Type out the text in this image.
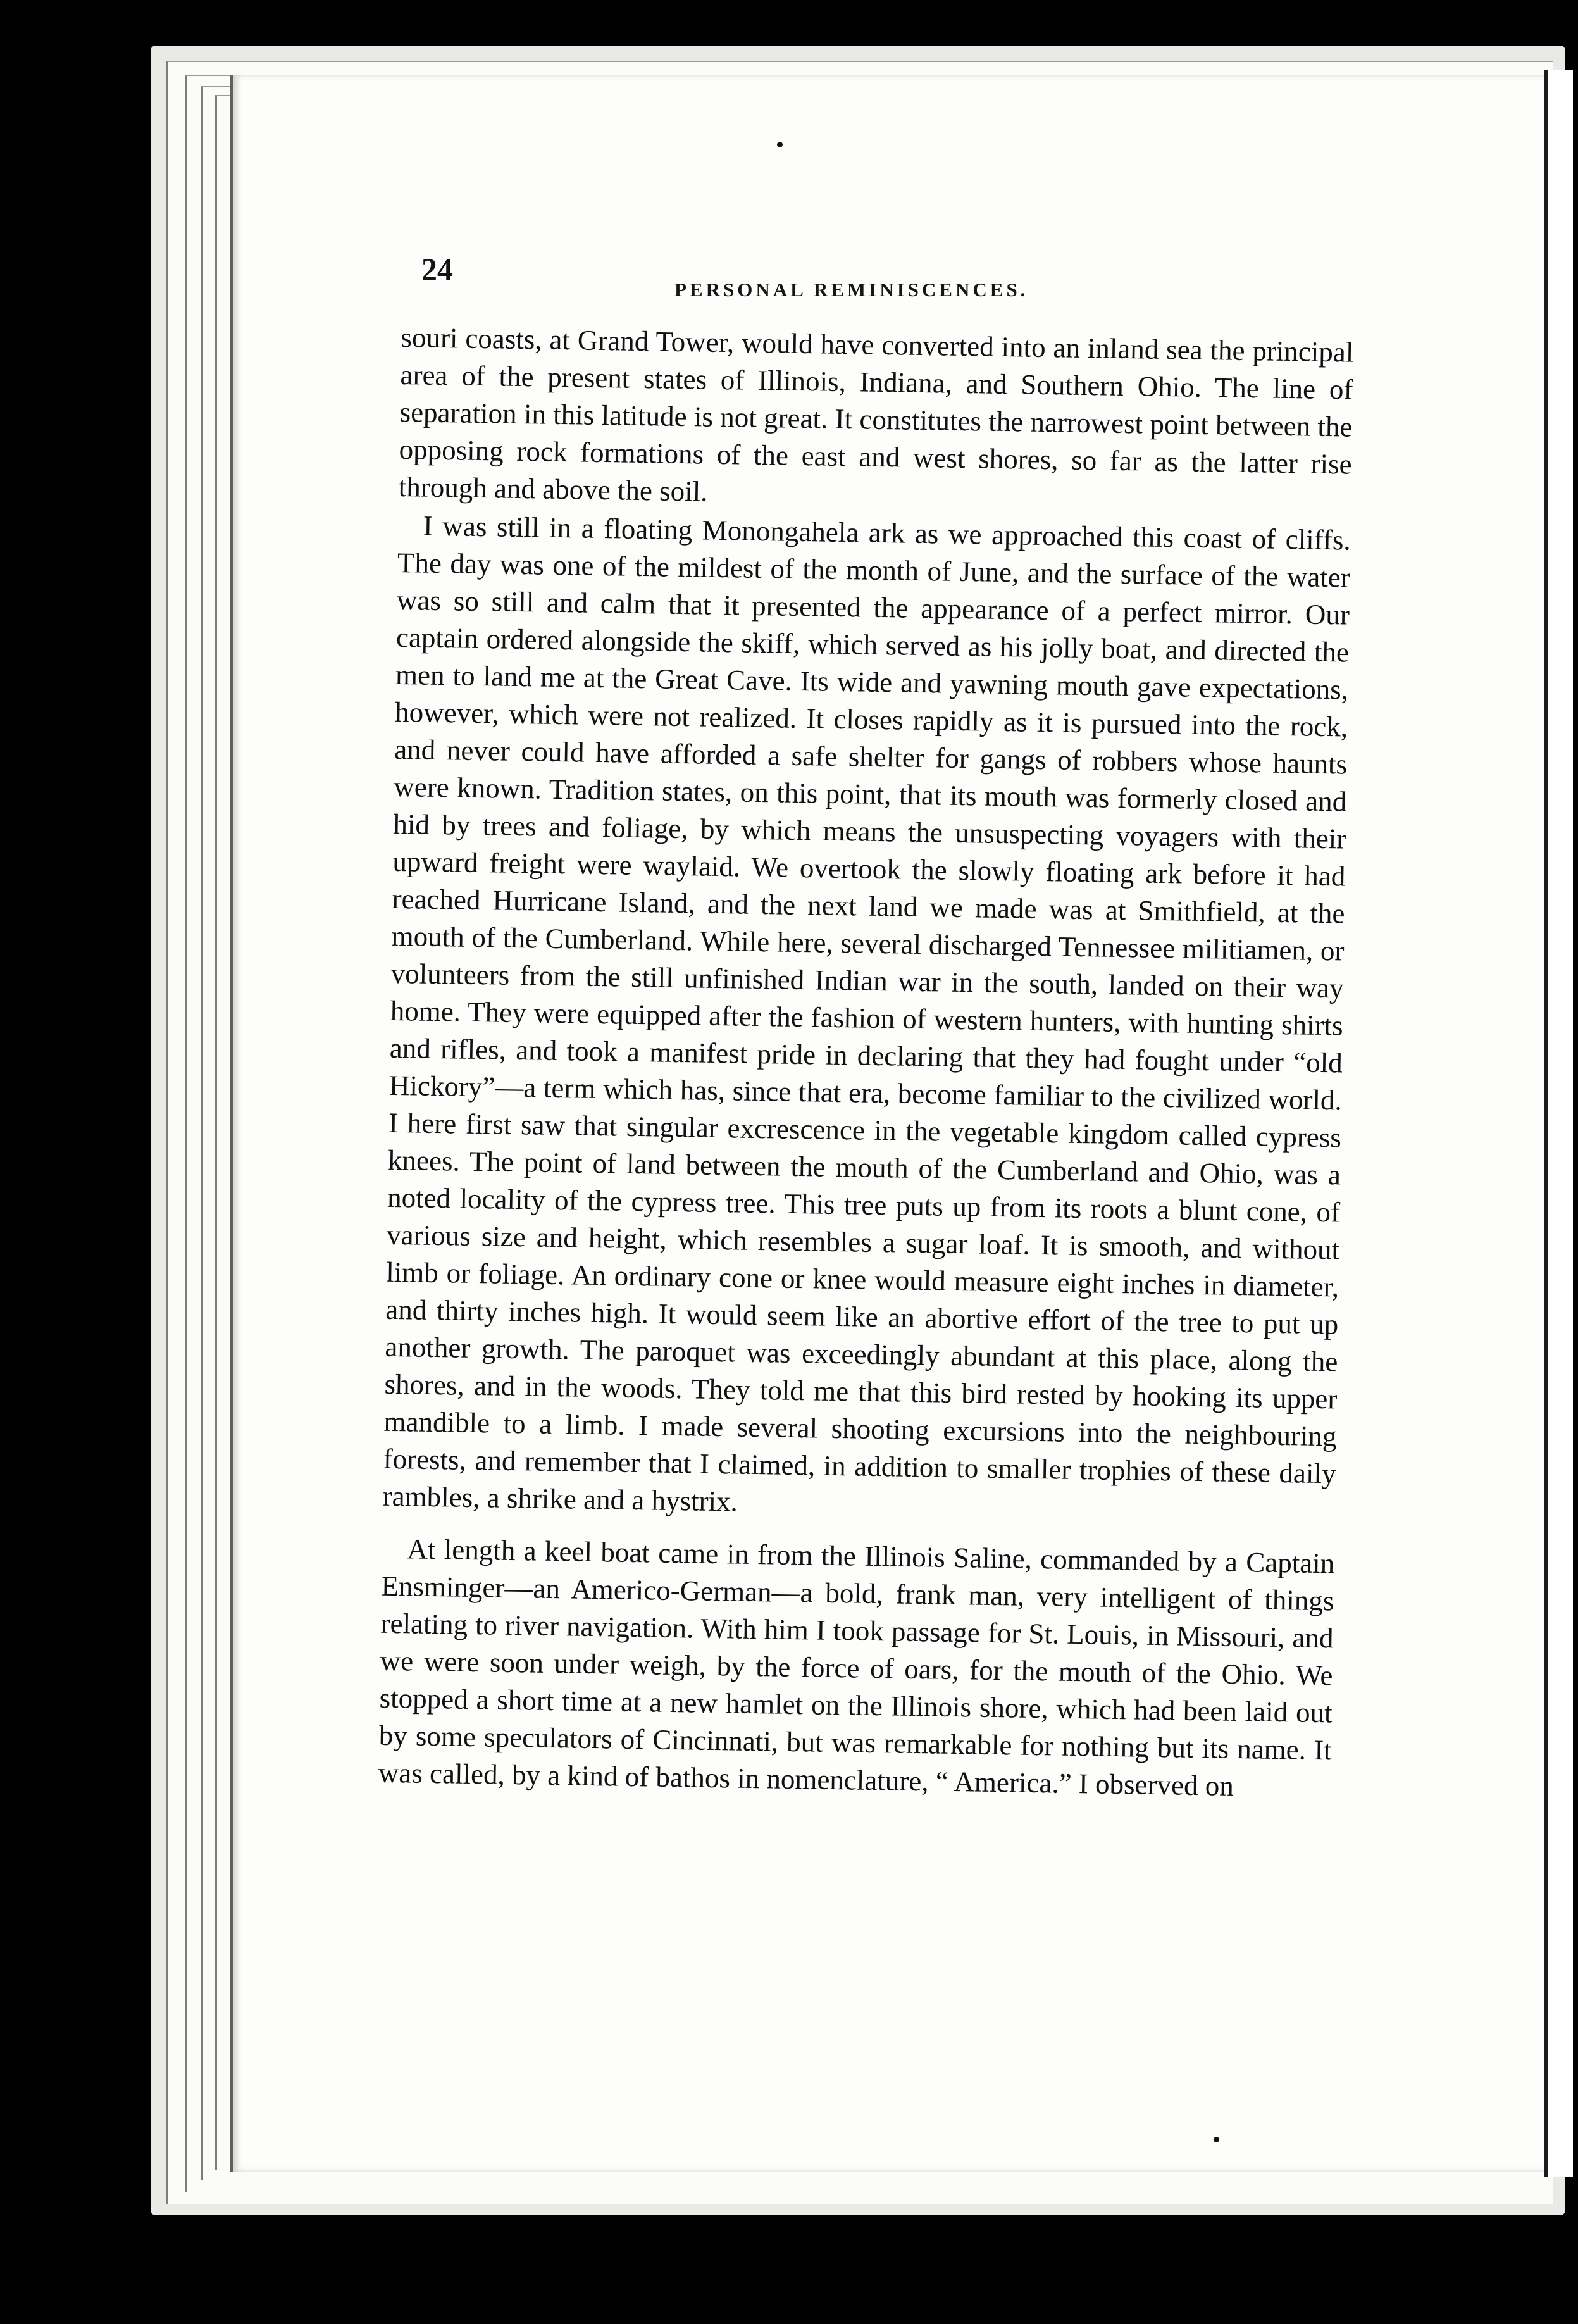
24
PERSONAL REMINISCENCES.

souri coasts, at Grand Tower, would have converted into an inland sea the principal area of the present states of Illinois, Indiana, and Southern Ohio. The line of separation in this latitude is not great. It constitutes the narrowest point between the opposing rock formations of the east and west shores, so far as the latter rise through and above the soil.

I was still in a floating Monongahela ark as we approached this coast of cliffs. The day was one of the mildest of the month of June, and the surface of the water was so still and calm that it presented the appearance of a perfect mirror. Our captain ordered alongside the skiff, which served as his jolly boat, and directed the men to land me at the Great Cave. Its wide and yawning mouth gave expectations, however, which were not realized. It closes rapidly as it is pursued into the rock, and never could have afforded a safe shelter for gangs of robbers whose haunts were known. Tradition states, on this point, that its mouth was formerly closed and hid by trees and foliage, by which means the unsuspecting voyagers with their upward freight were waylaid. We overtook the slowly floating ark before it had reached Hurricane Island, and the next land we made was at Smithfield, at the mouth of the Cumberland. While here, several discharged Tennessee militiamen, or volunteers from the still unfinished Indian war in the south, landed on their way home. They were equipped after the fashion of western hunters, with hunting shirts and rifles, and took a manifest pride in declaring that they had fought under “old Hickory”—a term which has, since that era, become familiar to the civilized world. I here first saw that singular excrescence in the vegetable kingdom called cypress knees. The point of land between the mouth of the Cumberland and Ohio, was a noted locality of the cypress tree. This tree puts up from its roots a blunt cone, of various size and height, which resembles a sugar loaf. It is smooth, and without limb or foliage. An ordinary cone or knee would measure eight inches in diameter, and thirty inches high. It would seem like an abortive effort of the tree to put up another growth. The paroquet was exceedingly abundant at this place, along the shores, and in the woods. They told me that this bird rested by hooking its upper mandible to a limb. I made several shooting excursions into the neighbouring forests, and remember that I claimed, in addition to smaller trophies of these daily rambles, a shrike and a hystrix.

At length a keel boat came in from the Illinois Saline, commanded by a Captain Ensminger—an Americo-German—a bold, frank man, very intelligent of things relating to river navigation. With him I took passage for St. Louis, in Missouri, and we were soon under weigh, by the force of oars, for the mouth of the Ohio. We stopped a short time at a new hamlet on the Illinois shore, which had been laid out by some speculators of Cincinnati, but was remarkable for nothing but its name. It was called, by a kind of bathos in nomenclature, “ America.” I observed on
